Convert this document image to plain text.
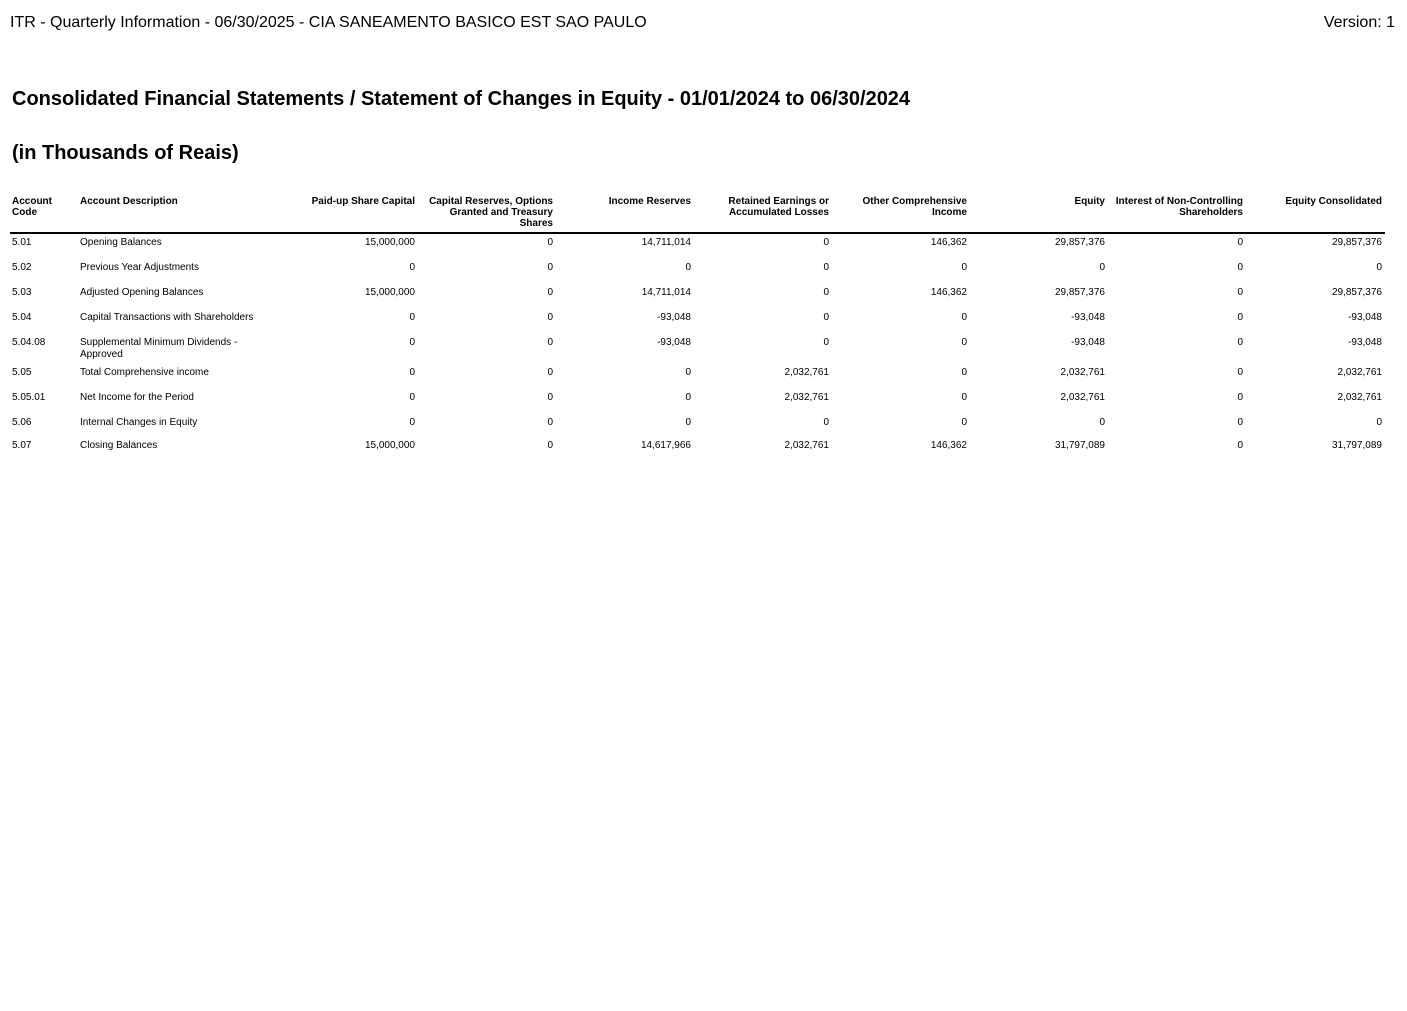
ITR - Quarterly Information - 06/30/2025 - CIA SANEAMENTO BASICO EST SAO PAULO	Version: 1
Consolidated Financial Statements / Statement of Changes in Equity - 01/01/2024 to 06/30/2024
(in Thousands of Reais)
Account Code	Account Description	Paid-up Share Capital	Capital Reserves, Options Granted and Treasury Shares	Income Reserves	Retained Earnings or Accumulated Losses	Other Comprehensive Income	Equity	Interest of Non-Controlling Shareholders	Equity Consolidated
5.01	Opening Balances	15,000,000	0	14,711,014	0	146,362	29,857,376	0	29,857,376
5.02	Previous Year Adjustments	0	0	0	0	0	0	0	0
5.03	Adjusted Opening Balances	15,000,000	0	14,711,014	0	146,362	29,857,376	0	29,857,376
5.04	Capital Transactions with Shareholders	0	0	-93,048	0	0	-93,048	0	-93,048
5.04.08	Supplemental Minimum Dividends - Approved	0	0	-93,048	0	0	-93,048	0	-93,048
5.05	Total Comprehensive income	0	0	0	2,032,761	0	2,032,761	0	2,032,761
5.05.01	Net Income for the Period	0	0	0	2,032,761	0	2,032,761	0	2,032,761
5.06	Internal Changes in Equity	0	0	0	0	0	0	0	0
5.07	Closing Balances	15,000,000	0	14,617,966	2,032,761	146,362	31,797,089	0	31,797,089
